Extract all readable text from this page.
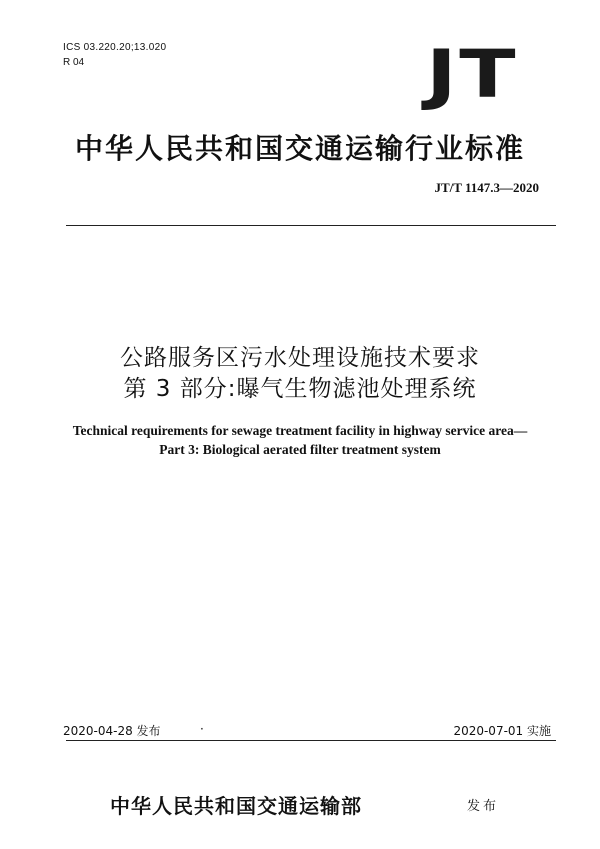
ICS 03.220.20;13.020
R 04	JT
中华人民共和国交通运输行业标准
JT/T 1147.3—2020
公路服务区污水处理设施技术要求
第 3 部分:曝气生物滤池处理系统
Technical requirements for sewage treatment facility in highway service area—
Part 3: Biological aerated filter treatment system
2020-04-28 发布	·	2020-07-01 实施
中华人民共和国交通运输部	发布
